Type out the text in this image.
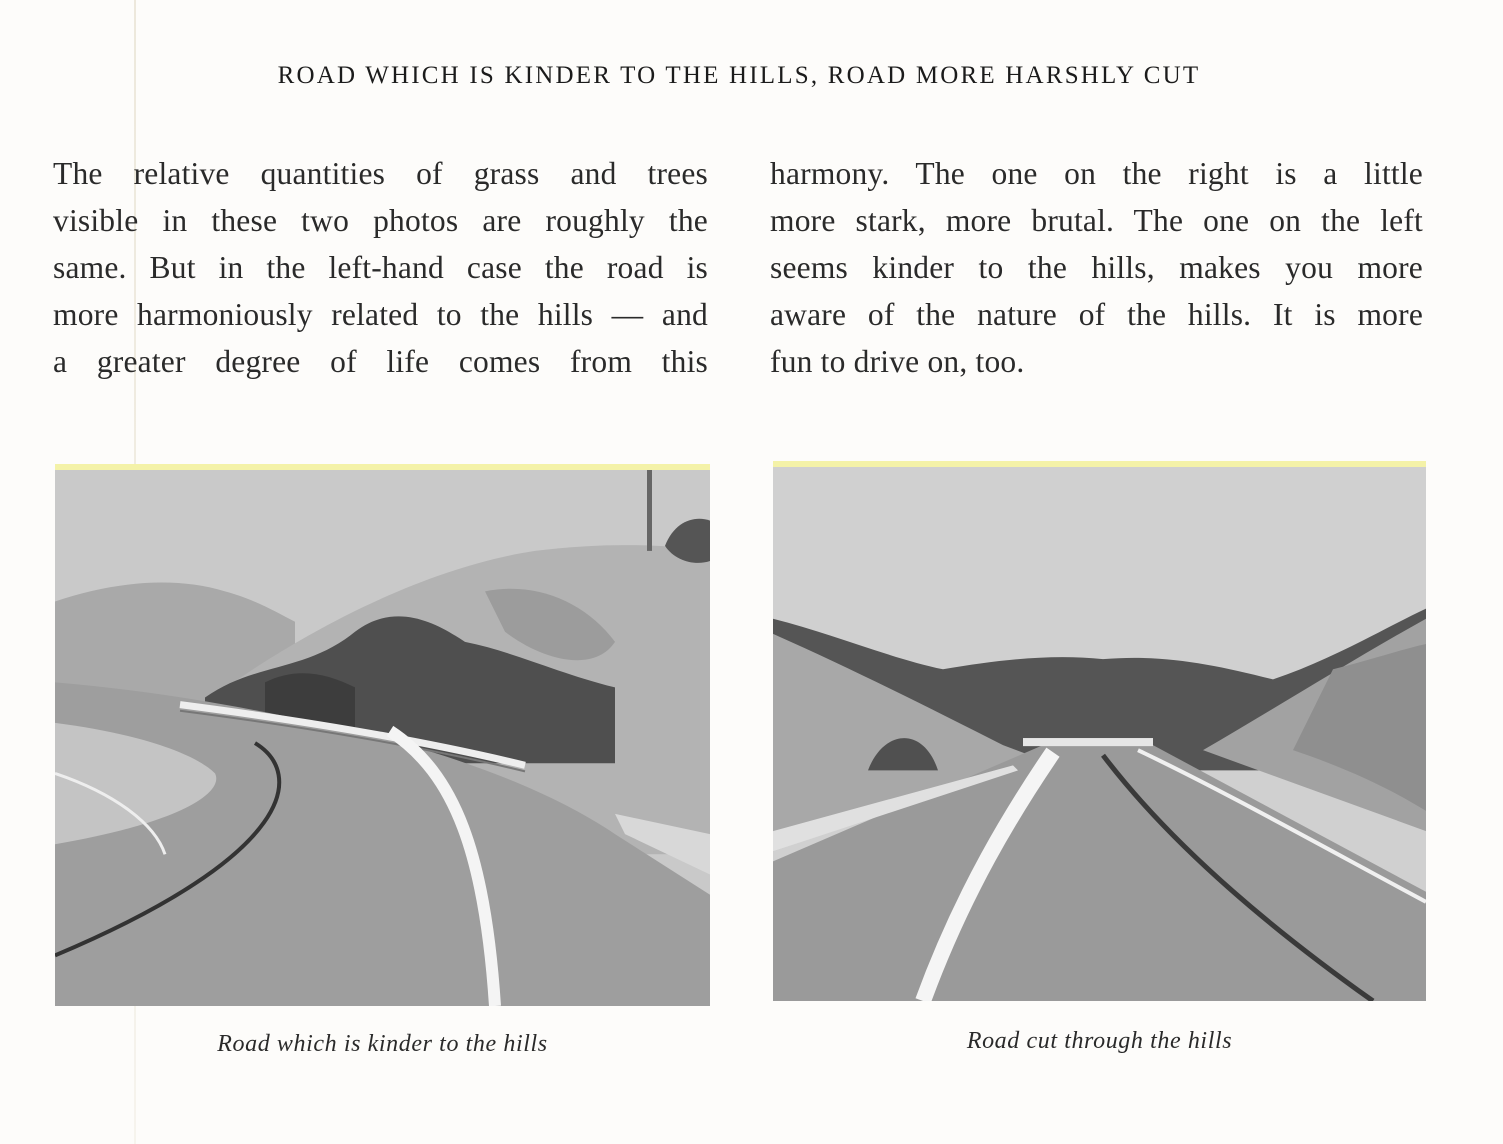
ROAD WHICH IS KINDER TO THE HILLS, ROAD MORE HARSHLY CUT
The relative quantities of grass and trees
visible in these two photos are roughly the
same. But in the left-hand case the road is
more harmoniously related to the hills — and
a greater degree of life comes from this
harmony. The one on the right is a little
more stark, more brutal. The one on the left
seems kinder to the hills, makes you more
aware of the nature of the hills. It is more
fun to drive on, too.
Road which is kinder to the hills	Road cut through the hills
